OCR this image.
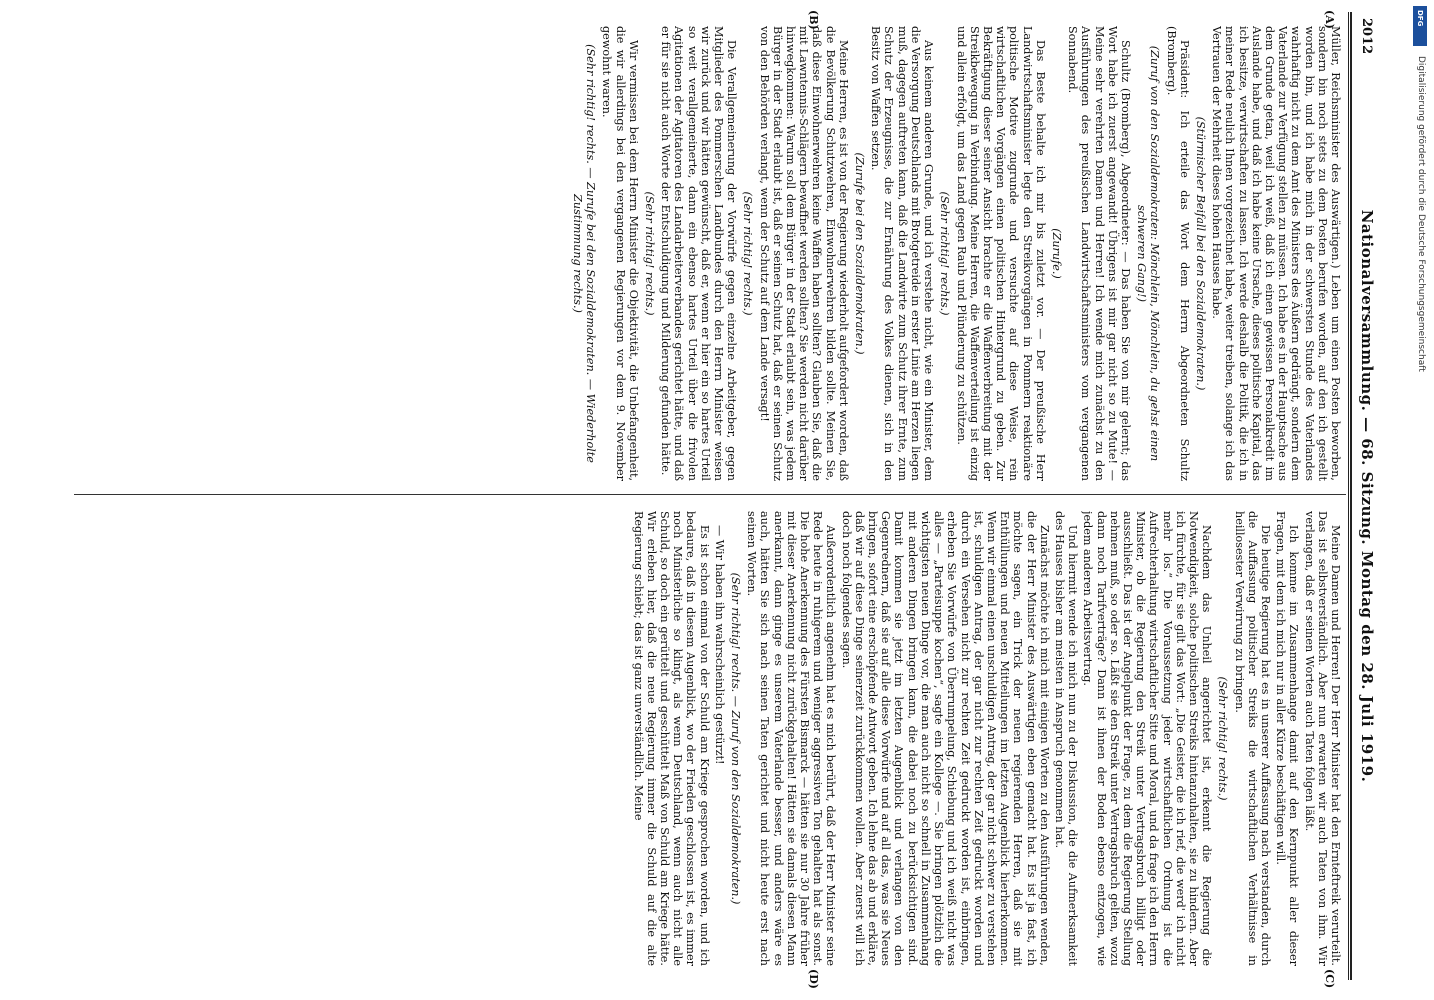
2012
Nationalversammlung. — 68. Sitzung. Montag den 28. Juli 1919.
(A)
(B)
(C)
(D)

Müller, Reichsminister des Auswärtigen.) Leben um einen Posten beworben, sondern bin noch stets zu dem Posten berufen worden, auf den ich gestellt worden bin, und ich habe mich in der schwersten Stunde des Vaterlandes wahrhaftig nicht zu dem Amt des Ministers des Äußern gedrängt, sondern dem Vaterlande zur Verfügung stellen zu müssen. Ich habe es in der Hauptsache aus dem Grunde getan, weil ich weiß, daß ich einen gewissen Personalkredit im Auslande habe, und daß ich habe keine Ursache, dieses politische Kapital, das ich besitze, verwirtschaften zu lassen. Ich werde deshalb die Politik, die ich in meiner Rede neulich Ihnen vorgezeichnet habe, weiter treiben, solange ich das Vertrauen der Mehrheit dieses hohen Hauses habe.

(Stürmischer Beifall bei den Sozialdemokraten.)

Präsident: Ich erteile das Wort dem Herrn Abgeordneten Schultz (Bromberg).

(Zuruf von den Sozialdemokraten: Mönchlein, Mönchlein, du gehst einen schweren Gang!)

Schultz (Bromberg), Abgeordneter: — Das haben Sie von mir gelernt; das Wort habe ich zuerst angewandt! Übrigens ist mir gar nicht so zu Mute! — Meine sehr verehrten Damen und Herren! Ich wende mich zunächst zu den Ausführungen des preußischen Landwirtschaftsministers vom vergangenen Sonnabend.

(Zurufe.)

Das Beste behalte ich mir bis zuletzt vor. — Der preußische Herr Landwirtschaftsminister legte den Streikvorgängen in Pommern reaktionäre politische Motive zugrunde und versuchte auf diese Weise, rein wirtschaftlichen Vorgängen einen politischen Hintergrund zu geben. Zur Bekräftigung dieser seiner Ansicht brachte er die Waffenverbreitung mit der Streikbewegung in Verbindung. Meine Herren, die Waffenverteilung ist einzig und allein erfolgt, um das Land gegen Raub und Plünderung zu schützen.

(Sehr richtig! rechts.)

Aus keinem anderen Grunde, und ich verstehe nicht, wie ein Minister, dem die Versorgung Deutschlands mit Brotgetreide in erster Linie am Herzen liegen muß, dagegen auftreten kann, daß die Landwirte zum Schutz ihrer Ernte, zum Schutz der Erzeugnisse, die zur Ernährung des Volkes dienen, sich in den Besitz von Waffen setzen.

(Zurufe bei den Sozialdemokraten.)

Meine Herren, es ist von der Regierung wiederholt aufgefordert worden, daß die Bevölkerung Schutzwehren, Einwohnerwehren bilden sollte. Meinen Sie, daß diese Einwohnerwehren keine Waffen haben sollten? Glauben Sie, daß die mit Lawntennis-Schlägern bewaffnet werden sollten? Sie werden nicht darüber hinwegkommen: Warum soll dem Bürger in der Stadt erlaubt sein, was jedem Bürger in der Stadt erlaubt ist, daß er seinen Schutz hat, daß er seinen Schutz von den Behörden verlangt, wenn der Schutz auf dem Lande versagt!

(Sehr richtig! rechts.)

Die Verallgemeinerung der Vorwürfe gegen einzelne Arbeitgeber, gegen Mitglieder des Pommerschen Landbundes durch den Herrn Minister weisen wir zurück und wir hätten gewünscht, daß er, wenn er hier ein so hartes Urteil so weit verallgemeinerte, dann ein ebenso hartes Urteil über die frivolen Agitationen der Agitatoren des Landarbeiterverbandes gerichtet hätte, und daß er für sie nicht auch Worte der Entschuldigung und Milderung gefunden hätte.

(Sehr richtig! rechts.)

Wir vermissen bei dem Herrn Minister die Objektivität, die Unbefangenheit, die wir allerdings bei den vergangenen Regierungen vor dem 9. November gewohnt waren.

(Sehr richtig! rechts. — Zurufe bei den Sozialdemokraten. — Wiederholte Zustimmung rechts.)

Meine Damen und Herren! Der Herr Minister hat den Ernteftreik verurteilt. Das ist selbstverständlich. Aber nun erwarten wir auch Taten von ihm. Wir verlangen, daß er seinen Worten auch Taten folgen läßt.

Ich komme im Zusammenhange damit auf den Kernpunkt aller dieser Fragen, mit dem ich mich nur in aller Kürze beschäftigen will.

Die heutige Regierung hat es in unserer Auffassung nach verstanden, durch die Auffassung politischer Streiks die wirtschaftlichen Verhältnisse in heillosester Verwirrung zu bringen.

(Sehr richtig! rechts.)

Nachdem das Unheil angerichtet ist, erkennt die Regierung die Notwendigkeit, solche politischen Streiks hintanzuhalten, sie zu hindern. Aber ich fürchte, für sie gilt das Wort: „Die Geister, die ich rief, die werd' ich nicht mehr los.“ Die Voraussetzung jeder wirtschaftlichen Ordnung ist die Aufrechterhaltung wirtschaftlicher Sitte und Moral, und da frage ich den Herrn Minister, ob die Regierung den Streik unter Vertragsbruch billigt oder ausschließt. Das ist der Angelpunkt der Frage, zu dem die Regierung Stellung nehmen muß, so oder so. Läßt sie den Streik unter Vertragsbruch gelten, wozu dann noch Tarifverträge? Dann ist ihnen der Boden ebenso entzogen, wie jedem anderen Arbeitsvertrag.

Und hiermit wende ich mich nun zu der Diskussion, die die Aufmerksamkeit des Hauses bisher am meisten in Anspruch genommen hat.

Zunächst möchte ich mich mit einigen Worten zu den Ausführungen wenden, die der Herr Minister des Auswärtigen eben gemacht hat. Es ist ja fast, ich möchte sagen, ein Trick der neuen regierenden Herren, daß sie mit Enthüllungen und neuen Mitteilungen im letzten Augenblick hierherkommen. Wenn wir einmal einen unschuldigen Antrag, der gar nicht schwer zu verstehen ist, schuldigen Antrag, der gar nicht zur rechten Zeit gedruckt worden und durch ein Versehen nicht zur rechten Zeit gedruckt worden ist, einbringen, erheben Sie Vorwürfe von Überrumpelung, Schiebung und ich weiß nicht was alles — „Parteisuppe kochen“, sagte ein Kollege —. Sie bringen plötzlich die wichtigsten neuen Dinge vor, die man auch nicht so schnell in Zusammenhang mit anderen Dingen bringen kann, die dabei noch zu berücksichtigen sind. Damit kommen sie jetzt im letzten Augenblick und verlangen von den Gegenrednern, daß sie auf alle diese Vorwürfe und auf all das, was sie Neues bringen, sofort eine erschöpfende Antwort geben. Ich lehne das ab und erkläre, daß wir auf diese Dinge seinerzeit zurückkommen wollen. Aber zuerst will ich doch noch folgendes sagen.

Außerordentlich angenehm hat es mich berührt, daß der Herr Minister seine Rede heute in ruhigerem und weniger aggressiven Ton gehalten hat als sonst. Die hohe Anerkennung des Fürsten Bismarck — hätten sie nur 30 Jahre früher mit dieser Anerkennung nicht zurückgehalten! Hätten sie damals diesen Mann anerkannt, dann ginge es unserem Vaterlande besser, und anders wäre es auch, hätten Sie sich nach seinen Taten gerichtet und nicht heute erst nach seinen Worten.

(Sehr richtig! rechts. — Zuruf von den Sozialdemokraten.)

— Wir haben ihn wahrscheinlich gestürzt!

Es ist schon einmal von der Schuld am Kriege gesprochen worden, und ich bedaure, daß in diesem Augenblick, wo der Frieden geschlossen ist, es immer noch Ministerliche so klingt, als wenn Deutschland, wenn auch nicht alle Schuld, so doch ein gerüttelt und geschüttelt Maß von Schuld am Kriege hätte. Wir erleben hier, daß die neue Regierung immer die Schuld auf die alte Regierung schiebt; das ist ganz unverständlich. Meine

DFG
Digitalisierung gefördert durch die Deutsche Forschungsgemeinschaft
